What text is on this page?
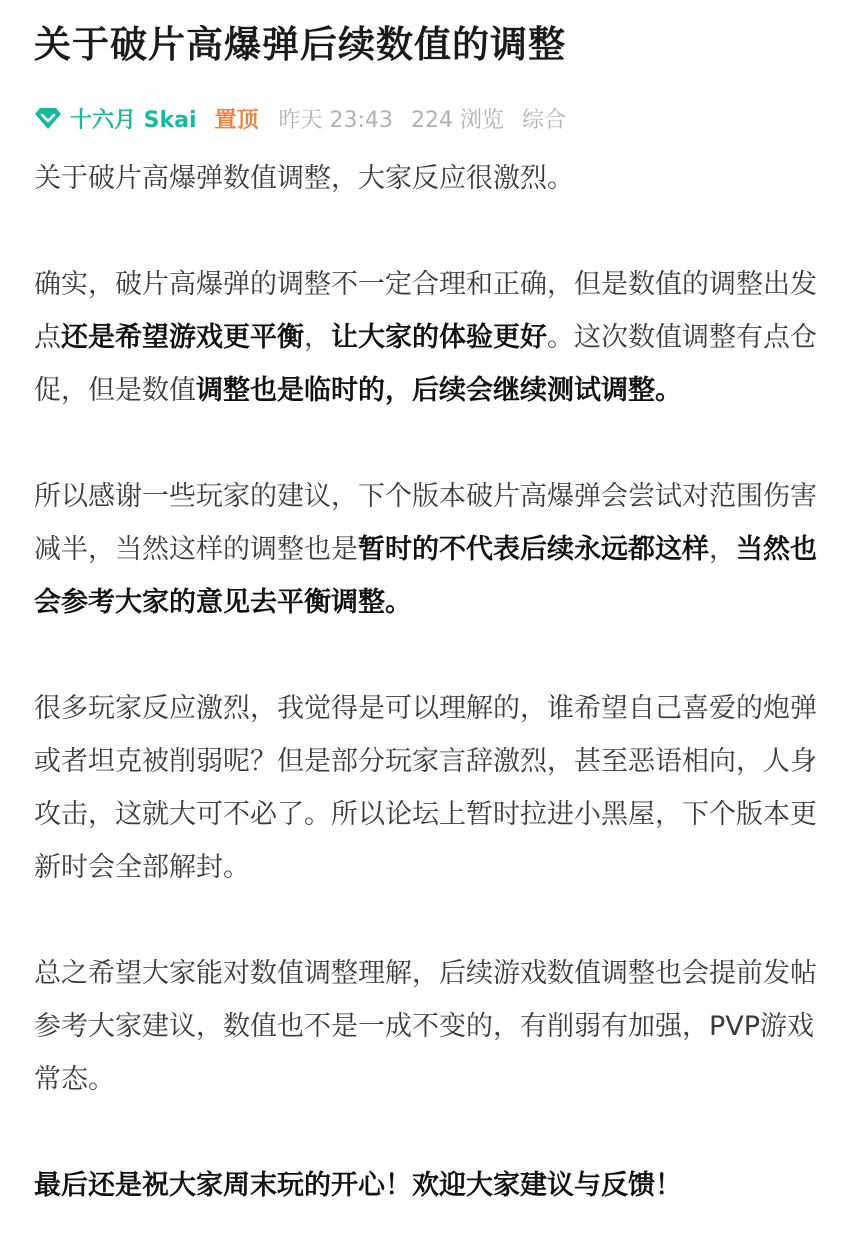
关于破片高爆弹后续数值的调整
十六月 Skai 置顶 昨天 23:43 224 浏览 综合

关于破片高爆弹数值调整，大家反应很激烈。

确实，破片高爆弹的调整不一定合理和正确，但是数值的调整出发点还是希望游戏更平衡，让大家的体验更好。这次数值调整有点仓促，但是数值调整也是临时的，后续会继续测试调整。

所以感谢一些玩家的建议，下个版本破片高爆弹会尝试对范围伤害减半，当然这样的调整也是暂时的不代表后续永远都这样，当然也会参考大家的意见去平衡调整。

很多玩家反应激烈，我觉得是可以理解的，谁希望自己喜爱的炮弹或者坦克被削弱呢？但是部分玩家言辞激烈，甚至恶语相向，人身攻击，这就大可不必了。所以论坛上暂时拉进小黑屋，下个版本更新时会全部解封。

总之希望大家能对数值调整理解，后续游戏数值调整也会提前发帖参考大家建议，数值也不是一成不变的，有削弱有加强，PVP游戏常态。

最后还是祝大家周末玩的开心！欢迎大家建议与反馈！
